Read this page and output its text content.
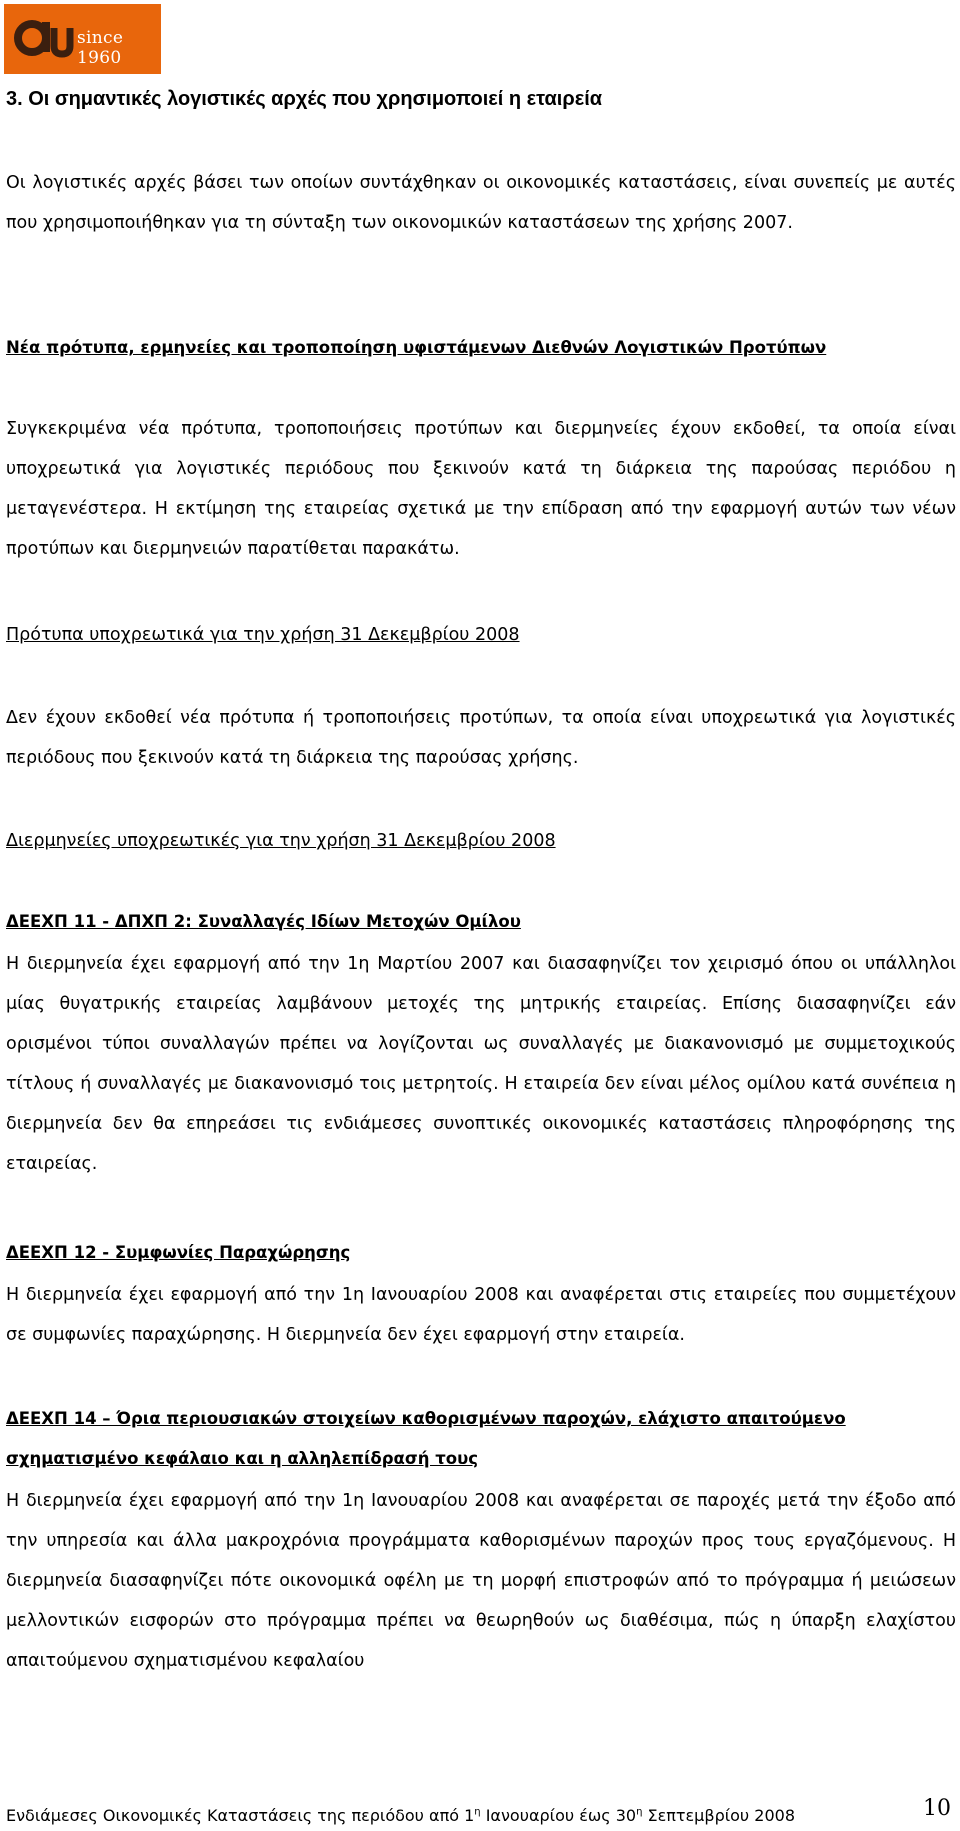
since 1960
3. Οι σημαντικές λογιστικές αρχές που χρησιμοποιεί η εταιρεία

Οι λογιστικές αρχές βάσει των οποίων συντάχθηκαν οι οικονομικές καταστάσεις, είναι συνεπείς με αυτές που χρησιμοποιήθηκαν για τη σύνταξη των οικονομικών καταστάσεων της χρήσης 2007.

Νέα πρότυπα, ερμηνείες και τροποποίηση υφιστάμενων Διεθνών Λογιστικών Προτύπων

Συγκεκριμένα νέα πρότυπα, τροποποιήσεις προτύπων και διερμηνείες έχουν εκδοθεί, τα οποία είναι υποχρεωτικά για λογιστικές περιόδους που ξεκινούν κατά τη διάρκεια της παρούσας περιόδου η μεταγενέστερα. Η εκτίμηση της εταιρείας σχετικά με την επίδραση από την εφαρμογή αυτών των νέων προτύπων και διερμηνειών παρατίθεται παρακάτω.

Πρότυπα υποχρεωτικά για την χρήση 31 Δεκεμβρίου 2008

Δεν έχουν εκδοθεί νέα πρότυπα ή τροποποιήσεις προτύπων, τα οποία είναι υποχρεωτικά για λογιστικές περιόδους που ξεκινούν κατά τη διάρκεια της παρούσας χρήσης.

Διερμηνείες υποχρεωτικές για την χρήση 31 Δεκεμβρίου 2008
ΔΕΕΧΠ 11 - ΔΠΧΠ 2: Συναλλαγές Ιδίων Μετοχών Ομίλου

Η διερμηνεία έχει εφαρμογή από την 1η Μαρτίου 2007 και διασαφηνίζει τον χειρισμό όπου οι υπάλληλοι μίας θυγατρικής εταιρείας λαμβάνουν μετοχές της μητρικής εταιρείας. Επίσης διασαφηνίζει εάν ορισμένοι τύποι συναλλαγών πρέπει να λογίζονται ως συναλλαγές με διακανονισμό με συμμετοχικούς τίτλους ή συναλλαγές με διακανονισμό τοις μετρητοίς. Η εταιρεία δεν είναι μέλος ομίλου κατά συνέπεια η διερμηνεία δεν θα επηρεάσει τις ενδιάμεσες συνοπτικές οικονομικές καταστάσεις πληροφόρησης της εταιρείας.

ΔΕΕΧΠ 12 - Συμφωνίες Παραχώρησης

Η διερμηνεία έχει εφαρμογή από την 1η Ιανουαρίου 2008 και αναφέρεται στις εταιρείες που συμμετέχουν σε συμφωνίες παραχώρησης. Η διερμηνεία δεν έχει εφαρμογή στην εταιρεία.

ΔΕΕΧΠ 14 – Όρια περιουσιακών στοιχείων καθορισμένων παροχών, ελάχιστο απαιτούμενο
σχηματισμένο κεφάλαιο και η αλληλεπίδρασή τους

Η διερμηνεία έχει εφαρμογή από την 1η Ιανουαρίου 2008 και αναφέρεται σε παροχές μετά την έξοδο από την υπηρεσία και άλλα μακροχρόνια προγράμματα καθορισμένων παροχών προς τους εργαζόμενους. Η διερμηνεία διασαφηνίζει πότε οικονομικά οφέλη με τη μορφή επιστροφών από το πρόγραμμα ή μειώσεων μελλοντικών εισφορών στο πρόγραμμα πρέπει να θεωρηθούν ως διαθέσιμα, πώς η ύπαρξη ελαχίστου απαιτούμενου σχηματισμένου κεφαλαίου

Ενδιάμεσες Οικονομικές Καταστάσεις της περιόδου από $1^\eta$ Ιανουαρίου έως $30^\eta$ Σεπτεμβρίου 2008	10
